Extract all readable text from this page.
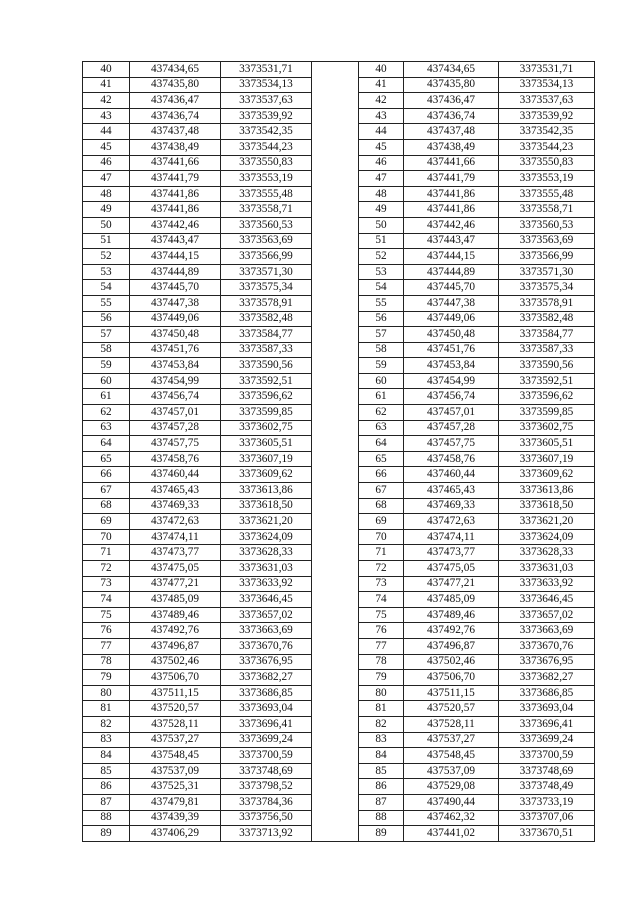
40	437434,65	3373531,71		40	437434,65	3373531,71
41	437435,80	3373534,13		41	437435,80	3373534,13
42	437436,47	3373537,63		42	437436,47	3373537,63
43	437436,74	3373539,92		43	437436,74	3373539,92
44	437437,48	3373542,35		44	437437,48	3373542,35
45	437438,49	3373544,23		45	437438,49	3373544,23
46	437441,66	3373550,83		46	437441,66	3373550,83
47	437441,79	3373553,19		47	437441,79	3373553,19
48	437441,86	3373555,48		48	437441,86	3373555,48
49	437441,86	3373558,71		49	437441,86	3373558,71
50	437442,46	3373560,53		50	437442,46	3373560,53
51	437443,47	3373563,69		51	437443,47	3373563,69
52	437444,15	3373566,99		52	437444,15	3373566,99
53	437444,89	3373571,30		53	437444,89	3373571,30
54	437445,70	3373575,34		54	437445,70	3373575,34
55	437447,38	3373578,91		55	437447,38	3373578,91
56	437449,06	3373582,48		56	437449,06	3373582,48
57	437450,48	3373584,77		57	437450,48	3373584,77
58	437451,76	3373587,33		58	437451,76	3373587,33
59	437453,84	3373590,56		59	437453,84	3373590,56
60	437454,99	3373592,51		60	437454,99	3373592,51
61	437456,74	3373596,62		61	437456,74	3373596,62
62	437457,01	3373599,85		62	437457,01	3373599,85
63	437457,28	3373602,75		63	437457,28	3373602,75
64	437457,75	3373605,51		64	437457,75	3373605,51
65	437458,76	3373607,19		65	437458,76	3373607,19
66	437460,44	3373609,62		66	437460,44	3373609,62
67	437465,43	3373613,86		67	437465,43	3373613,86
68	437469,33	3373618,50		68	437469,33	3373618,50
69	437472,63	3373621,20		69	437472,63	3373621,20
70	437474,11	3373624,09		70	437474,11	3373624,09
71	437473,77	3373628,33		71	437473,77	3373628,33
72	437475,05	3373631,03		72	437475,05	3373631,03
73	437477,21	3373633,92		73	437477,21	3373633,92
74	437485,09	3373646,45		74	437485,09	3373646,45
75	437489,46	3373657,02		75	437489,46	3373657,02
76	437492,76	3373663,69		76	437492,76	3373663,69
77	437496,87	3373670,76		77	437496,87	3373670,76
78	437502,46	3373676,95		78	437502,46	3373676,95
79	437506,70	3373682,27		79	437506,70	3373682,27
80	437511,15	3373686,85		80	437511,15	3373686,85
81	437520,57	3373693,04		81	437520,57	3373693,04
82	437528,11	3373696,41		82	437528,11	3373696,41
83	437537,27	3373699,24		83	437537,27	3373699,24
84	437548,45	3373700,59		84	437548,45	3373700,59
85	437537,09	3373748,69		85	437537,09	3373748,69
86	437525,31	3373798,52		86	437529,08	3373748,49
87	437479,81	3373784,36		87	437490,44	3373733,19
88	437439,39	3373756,50		88	437462,32	3373707,06
89	437406,29	3373713,92		89	437441,02	3373670,51
